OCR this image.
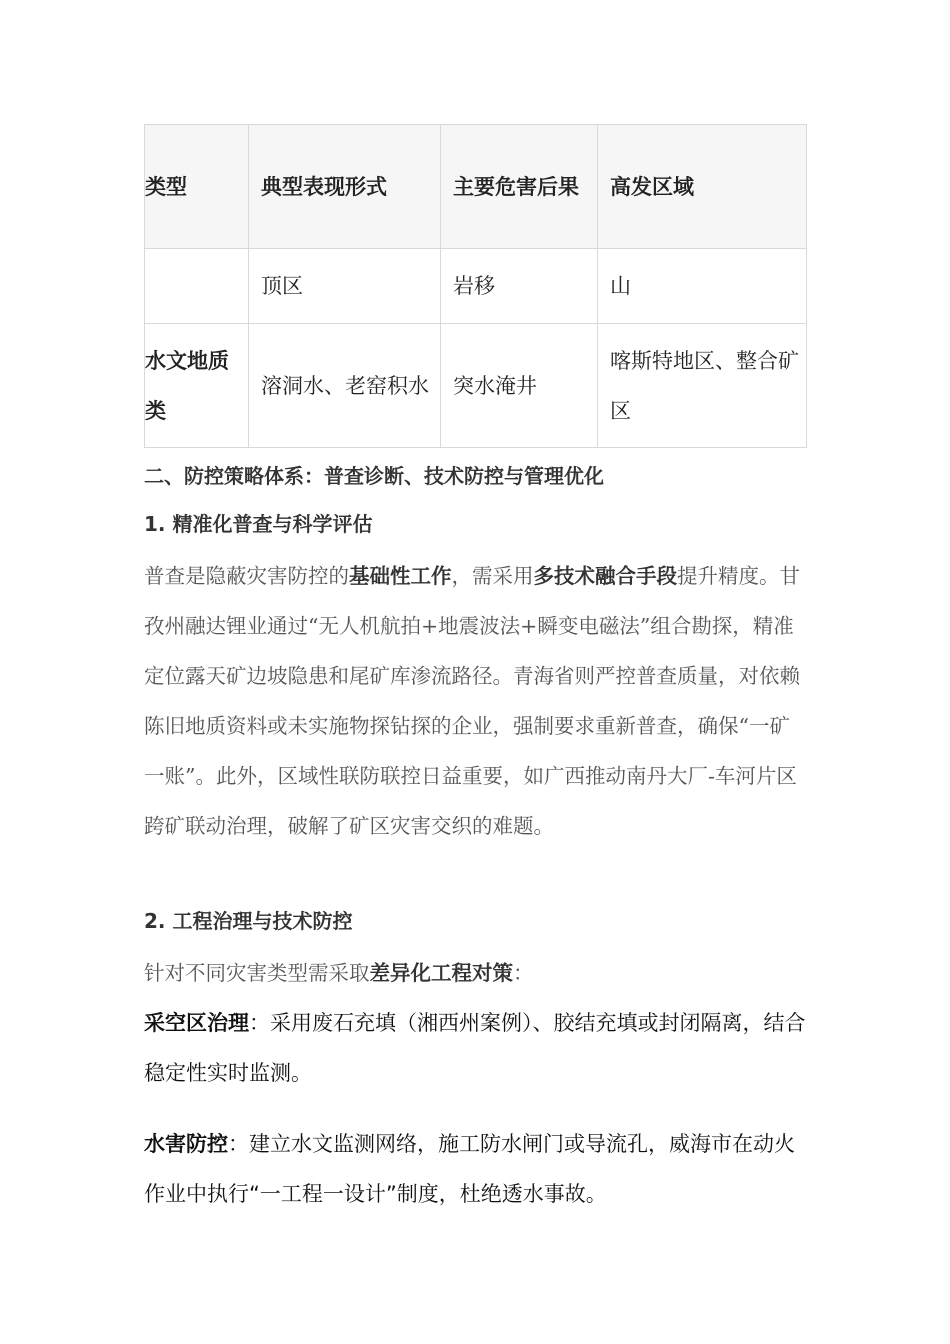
类型	典型表现形式	主要危害后果	高发区域
	顶区	岩移	山
水文地质类	溶洞水、老窑积水	突水淹井	喀斯特地区、整合矿区
二、防控策略体系：普查诊断、技术防控与管理优化
1. 精准化普查与科学评估
普查是隐蔽灾害防控的基础性工作，需采用多技术融合手段提升精度。甘孜州融达锂业通过“无人机航拍+地震波法+瞬变电磁法”组合勘探，精准定位露天矿边坡隐患和尾矿库渗流路径。青海省则严控普查质量，对依赖陈旧地质资料或未实施物探钻探的企业，强制要求重新普查，确保“一矿一账”。此外，区域性联防联控日益重要，如广西推动南丹大厂-车河片区跨矿联动治理，破解了矿区灾害交织的难题。
2. 工程治理与技术防控
针对不同灾害类型需采取差异化工程对策：
采空区治理：采用废石充填（湘西州案例）、胶结充填或封闭隔离，结合稳定性实时监测。
水害防控：建立水文监测网络，施工防水闸门或导流孔，威海市在动火作业中执行“一工程一设计”制度，杜绝透水事故。
